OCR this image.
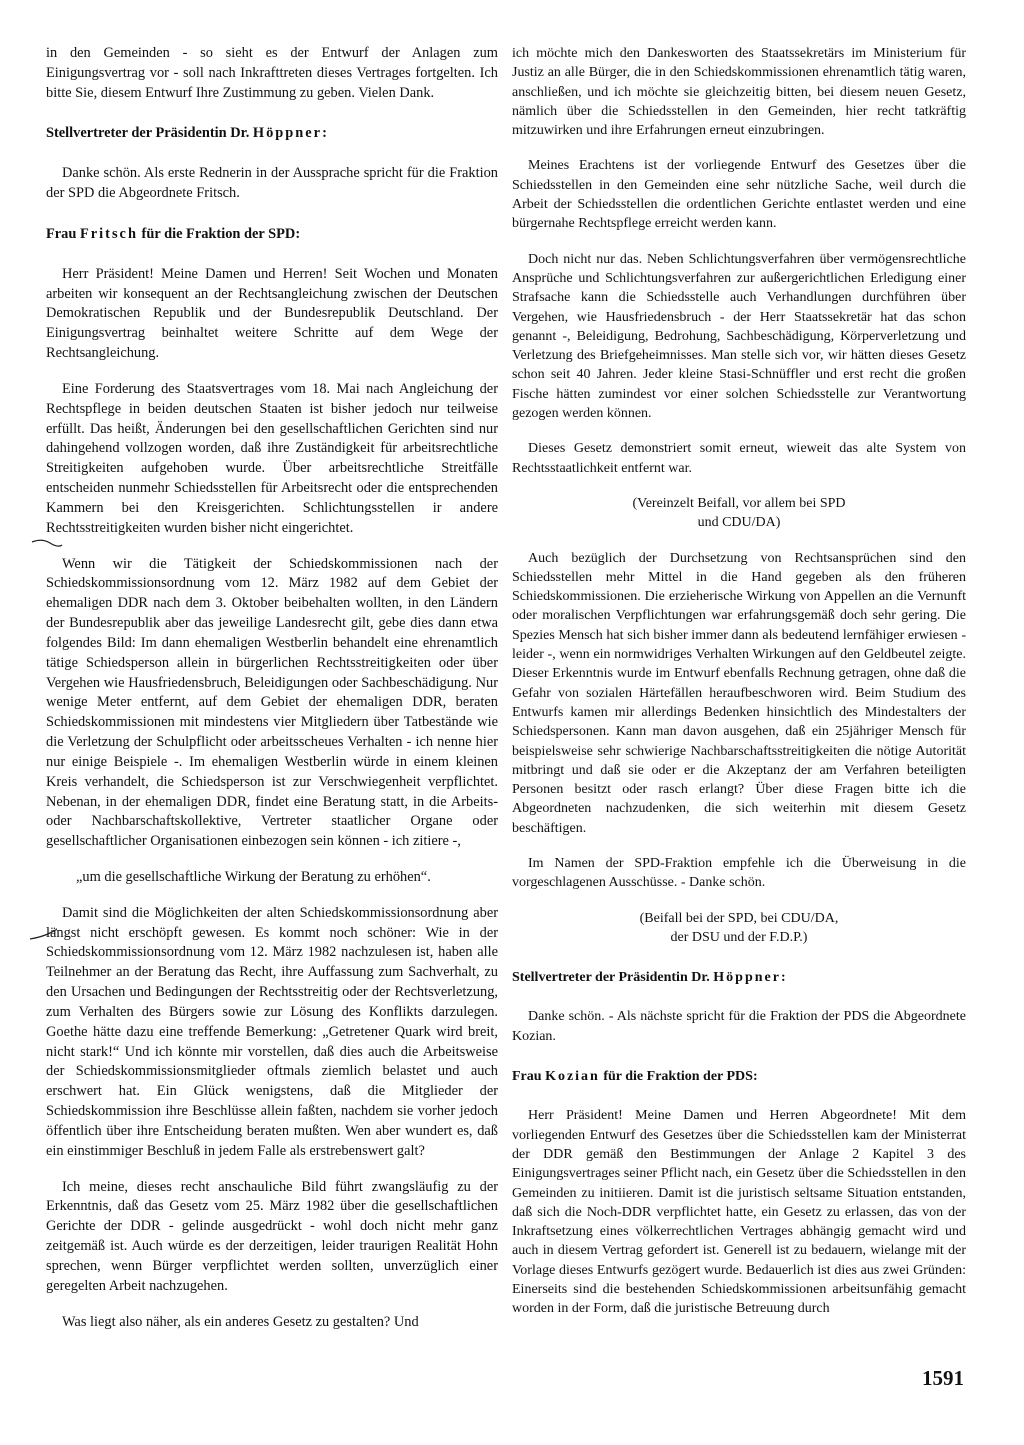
in den Gemeinden - so sieht es der Entwurf der Anlagen zum Einigungsvertrag vor - soll nach Inkrafttreten dieses Vertrages fortgelten. Ich bitte Sie, diesem Entwurf Ihre Zustimmung zu geben. Vielen Dank.

Stellvertreter der Präsidentin Dr. Höppner:

Danke schön. Als erste Rednerin in der Aussprache spricht für die Fraktion der SPD die Abgeordnete Fritsch.

Frau Fritsch für die Fraktion der SPD:

Herr Präsident! Meine Damen und Herren! Seit Wochen und Monaten arbeiten wir konsequent an der Rechtsangleichung zwischen der Deutschen Demokratischen Republik und der Bundesrepublik Deutschland. Der Einigungsvertrag beinhaltet weitere Schritte auf dem Wege der Rechtsangleichung.

Eine Forderung des Staatsvertrages vom 18. Mai nach Angleichung der Rechtspflege in beiden deutschen Staaten ist bisher jedoch nur teilweise erfüllt. Das heißt, Änderungen bei den gesellschaftlichen Gerichten sind nur dahingehend vollzogen worden, daß ihre Zuständigkeit für arbeitsrechtliche Streitigkeiten aufgehoben wurde. Über arbeitsrechtliche Streitfälle entscheiden nunmehr Schiedsstellen für Arbeitsrecht oder die entsprechenden Kammern bei den Kreisgerichten. Schlichtungsstellen ir andere Rechtsstreitigkeiten wurden bisher nicht eingerichtet.

Wenn wir die Tätigkeit der Schiedskommissionen nach der Schiedskommissionsordnung vom 12. März 1982 auf dem Gebiet der ehemaligen DDR nach dem 3. Oktober beibehalten wollten, in den Ländern der Bundesrepublik aber das jeweilige Landesrecht gilt, gebe dies dann etwa folgendes Bild: Im dann ehemaligen Westberlin behandelt eine ehrenamtlich tätige Schiedsperson allein in bürgerlichen Rechtsstreitigkeiten oder über Vergehen wie Hausfriedensbruch, Beleidigungen oder Sachbeschädigung. Nur wenige Meter entfernt, auf dem Gebiet der ehemaligen DDR, beraten Schiedskommissionen mit mindestens vier Mitgliedern über Tatbestände wie die Verletzung der Schulpflicht oder arbeitsscheues Verhalten - ich nenne hier nur einige Beispiele -. Im ehemaligen Westberlin würde in einem kleinen Kreis verhandelt, die Schiedsperson ist zur Verschwiegenheit verpflichtet. Nebenan, in der ehemaligen DDR, findet eine Beratung statt, in die Arbeits- oder Nachbarschaftskollektive, Vertreter staatlicher Organe oder gesellschaftlicher Organisationen einbezogen sein können - ich zitiere -,

„um die gesellschaftliche Wirkung der Beratung zu erhöhen“.

Damit sind die Möglichkeiten der alten Schiedskommissionsordnung aber längst nicht erschöpft gewesen. Es kommt noch schöner: Wie in der Schiedskommissionsordnung vom 12. März 1982 nachzulesen ist, haben alle Teilnehmer an der Beratung das Recht, ihre Auffassung zum Sachverhalt, zu den Ursachen und Bedingungen der Rechtsstreitig oder der Rechtsverletzung, zum Verhalten des Bürgers sowie zur Lösung des Konflikts darzulegen. Goethe hätte dazu eine treffende Bemerkung: „Getretener Quark wird breit, nicht stark!“ Und ich könnte mir vorstellen, daß dies auch die Arbeitsweise der Schiedskommissionsmitglieder oftmals ziemlich belastet und auch erschwert hat. Ein Glück wenigstens, daß die Mitglieder der Schiedskommission ihre Beschlüsse allein faßten, nachdem sie vorher jedoch öffentlich über ihre Entscheidung beraten mußten. Wen aber wundert es, daß ein einstimmiger Beschluß in jedem Falle als erstrebenswert galt?

Ich meine, dieses recht anschauliche Bild führt zwangsläufig zu der Erkenntnis, daß das Gesetz vom 25. März 1982 über die gesellschaftlichen Gerichte der DDR - gelinde ausgedrückt - wohl doch nicht mehr ganz zeitgemäß ist. Auch würde es der derzeitigen, leider traurigen Realität Hohn sprechen, wenn Bürger verpflichtet werden sollten, unverzüglich einer geregelten Arbeit nachzugehen.

Was liegt also näher, als ein anderes Gesetz zu gestalten? Und

ich möchte mich den Dankesworten des Staatssekretärs im Ministerium für Justiz an alle Bürger, die in den Schiedskommissionen ehrenamtlich tätig waren, anschließen, und ich möchte sie gleichzeitig bitten, bei diesem neuen Gesetz, nämlich über die Schiedsstellen in den Gemeinden, hier recht tatkräftig mitzuwirken und ihre Erfahrungen erneut einzubringen.

Meines Erachtens ist der vorliegende Entwurf des Gesetzes über die Schiedsstellen in den Gemeinden eine sehr nützliche Sache, weil durch die Arbeit der Schiedsstellen die ordentlichen Gerichte entlastet werden und eine bürgernahe Rechtspflege erreicht werden kann.

Doch nicht nur das. Neben Schlichtungsverfahren über vermögensrechtliche Ansprüche und Schlichtungsverfahren zur außergerichtlichen Erledigung einer Strafsache kann die Schiedsstelle auch Verhandlungen durchführen über Vergehen, wie Hausfriedensbruch - der Herr Staatssekretär hat das schon genannt -, Beleidigung, Bedrohung, Sachbeschädigung, Körperverletzung und Verletzung des Briefgeheimnisses. Man stelle sich vor, wir hätten dieses Gesetz schon seit 40 Jahren. Jeder kleine Stasi-Schnüffler und erst recht die großen Fische hätten zumindest vor einer solchen Schiedsstelle zur Verantwortung gezogen werden können.

Dieses Gesetz demonstriert somit erneut, wieweit das alte System von Rechtsstaatlichkeit entfernt war.

(Vereinzelt Beifall, vor allem bei SPD
und CDU/DA)

Auch bezüglich der Durchsetzung von Rechtsansprüchen sind den Schiedsstellen mehr Mittel in die Hand gegeben als den früheren Schiedskommissionen. Die erzieherische Wirkung von Appellen an die Vernunft oder moralischen Verpflichtungen war erfahrungsgemäß doch sehr gering. Die Spezies Mensch hat sich bisher immer dann als bedeutend lernfähiger erwiesen - leider -, wenn ein normwidriges Verhalten Wirkungen auf den Geldbeutel zeigte. Dieser Erkenntnis wurde im Entwurf ebenfalls Rechnung getragen, ohne daß die Gefahr von sozialen Härtefällen heraufbeschworen wird. Beim Studium des Entwurfs kamen mir allerdings Bedenken hinsichtlich des Mindestalters der Schiedspersonen. Kann man davon ausgehen, daß ein 25jähriger Mensch für beispielsweise sehr schwierige Nachbarschaftsstreitigkeiten die nötige Autorität mitbringt und daß sie oder er die Akzeptanz der am Verfahren beteiligten Personen besitzt oder rasch erlangt? Über diese Fragen bitte ich die Abgeordneten nachzudenken, die sich weiterhin mit diesem Gesetz beschäftigen.

Im Namen der SPD-Fraktion empfehle ich die Überweisung in die vorgeschlagenen Ausschüsse. - Danke schön.

(Beifall bei der SPD, bei CDU/DA,
der DSU und der F.D.P.)
Stellvertreter der Präsidentin Dr. Höppner:

Danke schön. - Als nächste spricht für die Fraktion der PDS die Abgeordnete Kozian.

Frau Kozian für die Fraktion der PDS:

Herr Präsident! Meine Damen und Herren Abgeordnete! Mit dem vorliegenden Entwurf des Gesetzes über die Schiedsstellen kam der Ministerrat der DDR gemäß den Bestimmungen der Anlage 2 Kapitel 3 des Einigungsvertrages seiner Pflicht nach, ein Gesetz über die Schiedsstellen in den Gemeinden zu initiieren. Damit ist die juristisch seltsame Situation entstanden, daß sich die Noch-DDR verpflichtet hatte, ein Gesetz zu erlassen, das von der Inkraftsetzung eines völkerrechtlichen Vertrages abhängig gemacht wird und auch in diesem Vertrag gefordert ist. Generell ist zu bedauern, wielange mit der Vorlage dieses Entwurfs gezögert wurde. Bedauerlich ist dies aus zwei Gründen: Einerseits sind die bestehenden Schiedskommissionen arbeitsunfähig gemacht worden in der Form, daß die juristische Betreuung durch

1591
